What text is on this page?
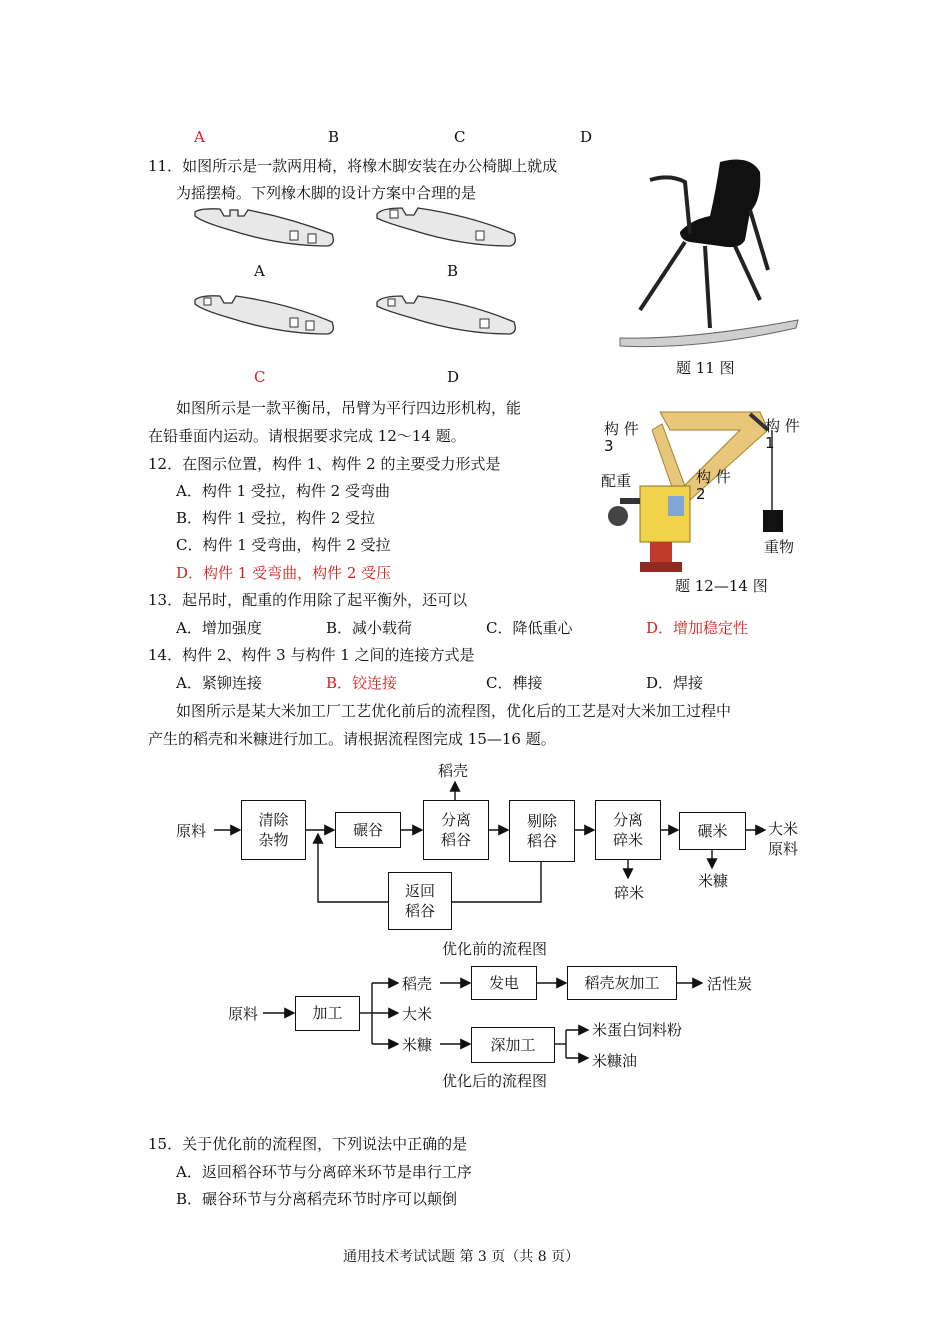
A	B	C	D
11．如图所示是一款两用椅，将橡木脚安装在办公椅脚上就成
为摇摆椅。下列橡木脚的设计方案中合理的是
A	B
C	D	题 11 图
如图所示是一款平衡吊，吊臂为平行四边形机构，能
在铅垂面内运动。请根据要求完成 12～14 题。	构 件
3
构 件
1
构 件
2
配重
重物
题 12—14 图
12．在图示位置，构件 1、构件 2 的主要受力形式是
A．构件 1 受拉，构件 2 受弯曲
B．构件 1 受拉，构件 2 受拉
C．构件 1 受弯曲，构件 2 受拉
D．构件 1 受弯曲，构件 2 受压
13．起吊时，配重的作用除了起平衡外，还可以
A．增加强度	B．减小载荷	C．降低重心	D．增加稳定性
14．构件 2、构件 3 与构件 1 之间的连接方式是
A．紧铆连接	B．铰连接	C．榫接	D．焊接
如图所示是某大米加工厂工艺优化前后的流程图，优化后的工艺是对大米加工过程中
产生的稻壳和米糠进行加工。请根据流程图完成 15—16 题。
原料
清除
杂物
碾谷
分离
稻谷
剔除
稻谷
分离
碎米
碾米
返回
稻谷
稻壳
碎米
米糠
大米
原料
优化前的流程图
原料	加工
稻壳
大米
米糠
发电	稻壳灰加工	活性炭
深加工
米蛋白饲料粉
米糠油
优化后的流程图
15．关于优化前的流程图，下列说法中正确的是
A．返回稻谷环节与分离碎米环节是串行工序
B．碾谷环节与分离稻壳环节时序可以颠倒
通用技术考试试题 第 3 页（共 8 页）
